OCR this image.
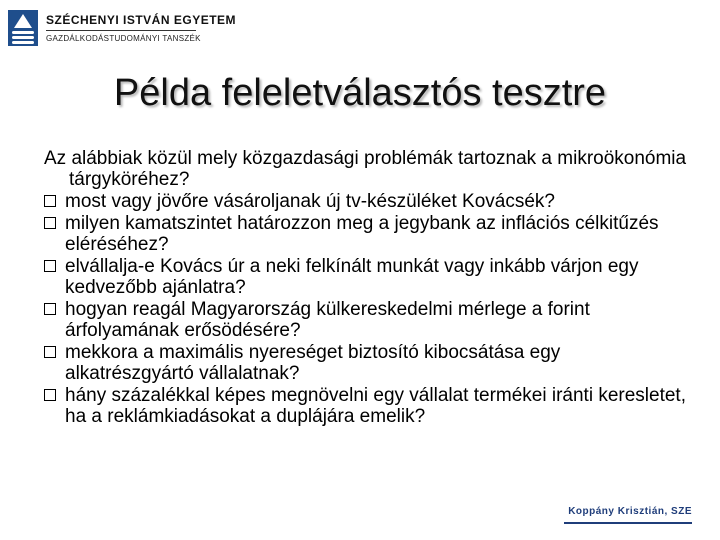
SZÉCHENYI ISTVÁN EGYETEM
GAZDÁLKODÁSTUDOMÁNYI TANSZÉK
Példa feleletválasztós tesztre
Az alábbiak közül mely közgazdasági problémák tartoznak a mikroökonómia tárgyköréhez?
most vagy jövőre vásároljanak új tv-készüléket Kovácsék?
milyen kamatszintet határozzon meg a jegybank az inflációs célkitűzés eléréséhez?
elvállalja-e Kovács úr a neki felkínált munkát vagy inkább várjon egy kedvezőbb ajánlatra?
hogyan reagál Magyarország külkereskedelmi mérlege a forint árfolyamának erősödésére?
mekkora a maximális nyereséget biztosító kibocsátása egy alkatrészgyártó vállalatnak?
hány százalékkal képes megnövelni egy vállalat termékei iránti keresletet, ha a reklámkiadásokat a duplájára emelik?
Koppány Krisztián, SZE
